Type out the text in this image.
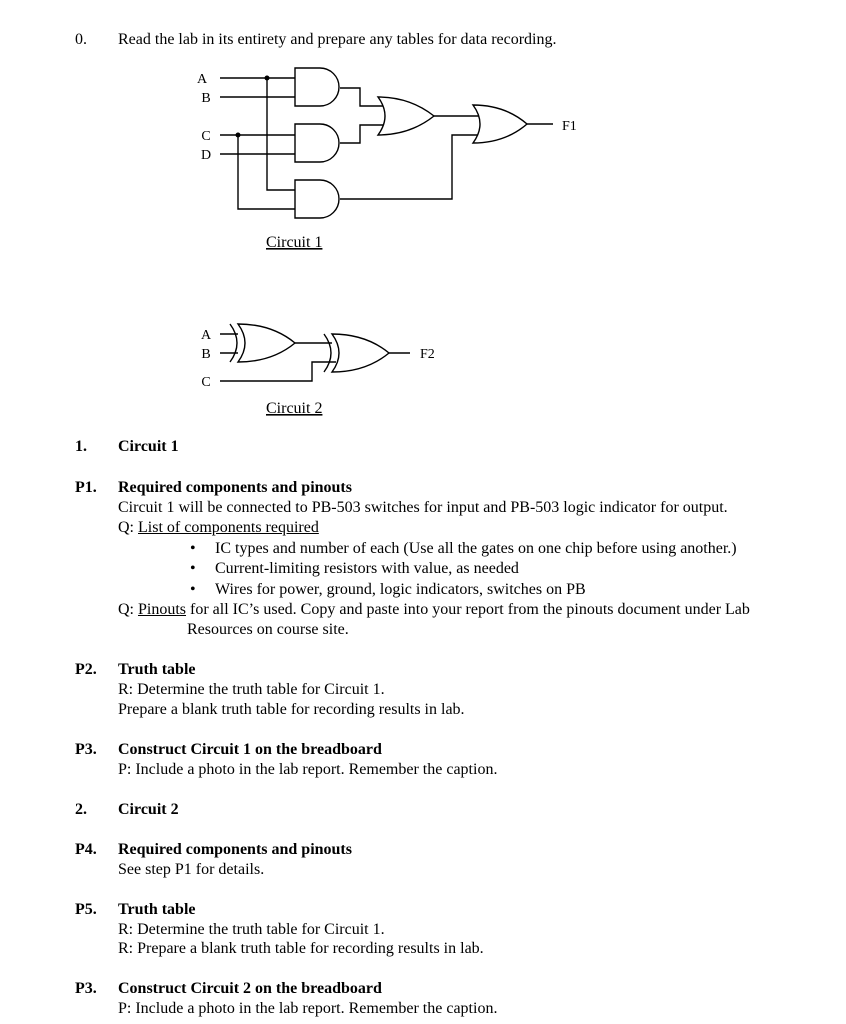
0. Read the lab in its entirety and prepare any tables for data recording.
A
B
C
D
F1
Circuit 1
A
B
C
F2
Circuit 2
1. Circuit 1
P1. Required components and pinouts
Circuit 1 will be connected to PB-503 switches for input and PB-503 logic indicator for output.
Q: List of components required
• IC types and number of each (Use all the gates on one chip before using another.)
• Current-limiting resistors with value, as needed
• Wires for power, ground, logic indicators, switches on PB
Q: Pinouts for all IC’s used. Copy and paste into your report from the pinouts document under Lab
Resources on course site.
P2. Truth table
R: Determine the truth table for Circuit 1.
Prepare a blank truth table for recording results in lab.
P3. Construct Circuit 1 on the breadboard
P: Include a photo in the lab report. Remember the caption.
2. Circuit 2
P4. Required components and pinouts
See step P1 for details.
P5. Truth table
R: Determine the truth table for Circuit 1.
R: Prepare a blank truth table for recording results in lab.
P3. Construct Circuit 2 on the breadboard
P: Include a photo in the lab report. Remember the caption.
